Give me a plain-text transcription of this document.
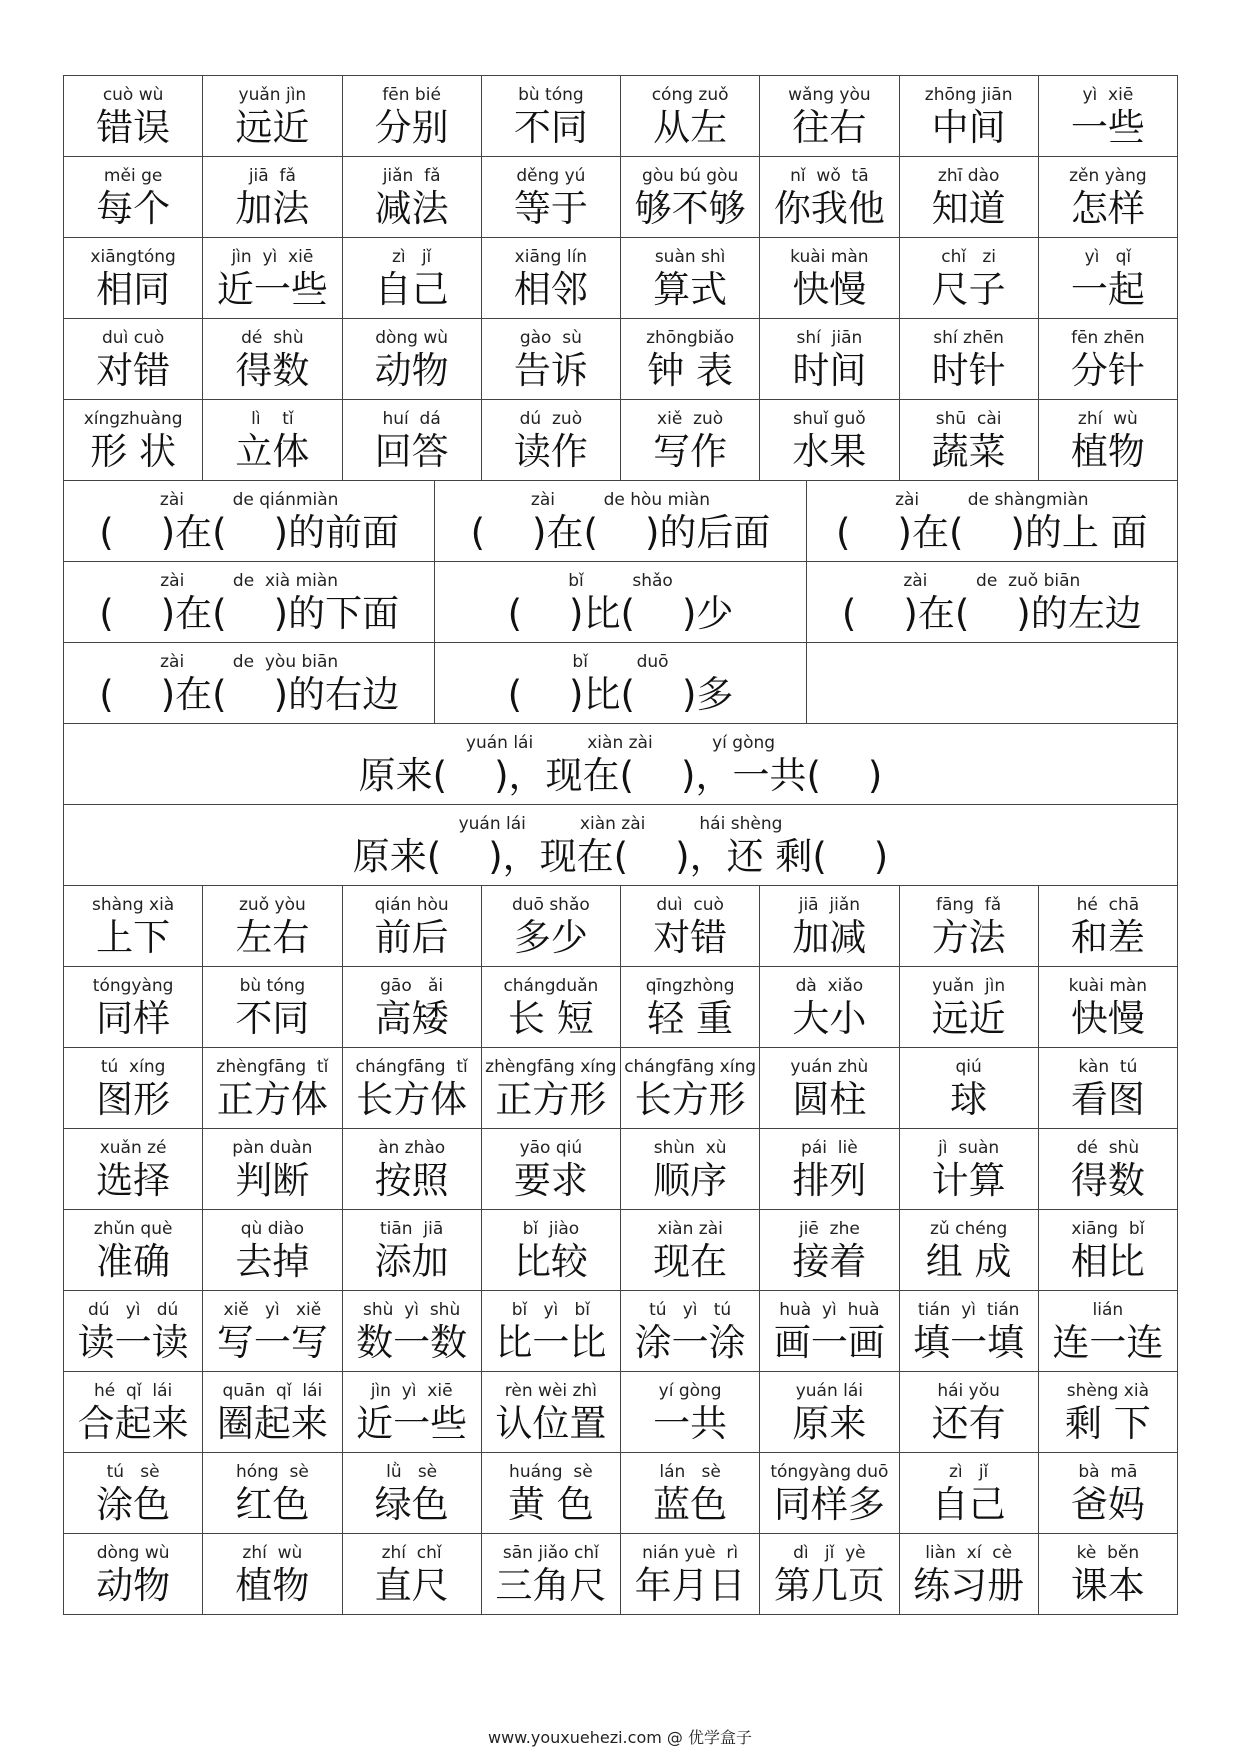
cuò wù
错误
yuǎn jìn
远近
fēn bié
分别
bù tóng
不同
cóng zuǒ
从左
wǎng yòu
往右
zhōng jiān
中间
yì  xiē
一些
měi ge
每个
jiā  fǎ
加法
jiǎn  fǎ
减法
děng yú
等于
gòu bú gòu
够不够
nǐ  wǒ  tā
你我他
zhī dào
知道
zěn yàng
怎样
xiāngtóng
相同
jìn  yì  xiē
近一些
zì   jǐ
自己
xiāng lín
相邻
suàn shì
算式
kuài màn
快慢
chǐ   zi
尺子
yì   qǐ
一起
duì cuò
对错
dé  shù
得数
dòng wù
动物
gào  sù
告诉
zhōngbiǎo
钟 表
shí  jiān
时间
shí zhēn
时针
fēn zhēn
分针
xíngzhuàng
形 状
lì    tǐ
立体
huí  dá
回答
dú  zuò
读作
xiě  zuò
写作
shuǐ guǒ
水果
shū  cài
蔬菜
zhí  wù
植物
zài         de qiánmiàn
(    )在(    )的前面
zài         de hòu miàn
(    )在(    )的后面
zài         de shàngmiàn
(    )在(    )的上 面
zài         de  xià miàn
(    )在(    )的下面
bǐ         shǎo
(    )比(    )少
zài         de  zuǒ biān
(    )在(    )的左边
zài         de  yòu biān
(    )在(    )的右边
bǐ         duō
(    )比(    )多
yuán lái          xiàn zài           yí gòng
原来(    )，现在(    )，一共(    )
yuán lái          xiàn zài          hái shèng
原来(    )，现在(    )，还 剩(    )
shàng xià
上下
zuǒ yòu
左右
qián hòu
前后
duō shǎo
多少
duì  cuò
对错
jiā  jiǎn
加减
fāng  fǎ
方法
hé  chā
和差
tóngyàng
同样
bù tóng
不同
gāo   ǎi
高矮
chángduǎn
长 短
qīngzhòng
轻 重
dà  xiǎo
大小
yuǎn  jìn
远近
kuài màn
快慢
tú  xíng
图形
zhèngfāng  tǐ
正方体
chángfāng  tǐ
长方体
zhèngfāng xíng
正方形
chángfāng xíng
长方形
yuán zhù
圆柱
qiú
球
kàn  tú
看图
xuǎn zé
选择
pàn duàn
判断
àn zhào
按照
yāo qiú
要求
shùn  xù
顺序
pái  liè
排列
jì  suàn
计算
dé  shù
得数
zhǔn què
准确
qù diào
去掉
tiān  jiā
添加
bǐ  jiào
比较
xiàn zài
现在
jiē  zhe
接着
zǔ chéng
组 成
xiāng  bǐ
相比
dú   yì   dú
读一读
xiě   yì   xiě
写一写
shù  yì  shù
数一数
bǐ   yì   bǐ
比一比
tú   yì   tú
涂一涂
huà  yì  huà
画一画
tián  yì  tián
填一填
lián
连一连
hé  qǐ  lái
合起来
quān  qǐ  lái
圈起来
jìn  yì  xiē
近一些
rèn wèi zhì
认位置
yí gòng
一共
yuán lái
原来
hái yǒu
还有
shèng xià
剩 下
tú   sè
涂色
hóng  sè
红色
lǜ   sè
绿色
huáng  sè
黄 色
lán   sè
蓝色
tóngyàng duō
同样多
zì   jǐ
自己
bà  mā
爸妈
dòng wù
动物
zhí  wù
植物
zhí  chǐ
直尺
sān jiǎo chǐ
三角尺
nián yuè  rì
年月日
dì   jǐ  yè
第几页
liàn  xí  cè
练习册
kè  běn
课本
www.youxuehezi.com @ 优学盒子
